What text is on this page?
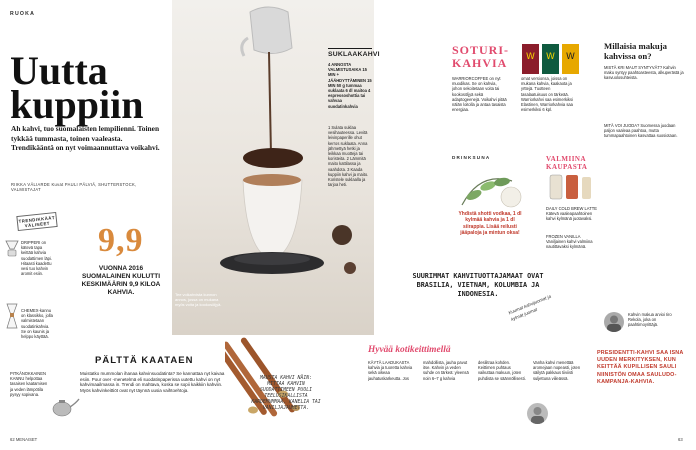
RUOKA
Uutta kuppiin
Ah kahvi, tuo suomalaisten lempilienni. Toinen tykkää tummasta, toinen vaaleasta. Trendikääntä on nyt voimaannuttava voikahvi.
RIIKKA VÄLIARDE Kuvat PAULI PÄLVIÄ, SHUTTERSTOCK, VALMISTAJAT
TRENDIKKÄÄT VÄLINEET
DRIPPERI on kätevä tapa keittää kahvia suodattimen läpi. Hitaasti kaadettu vesi tuo kahvin aromit esiin.
CHEMEX-kannu on klassikko, jolla valmistetaan suodatinkahvia. Se on kaunis ja helppo käyttää.
PITKÄNOKKAINEN KANNU helpottaa tasaisen kaatamisen ja veden lämpötila pysyy sopivana.
9,9
VUONNA 2016 SUOMALAINEN KULUTTI KESKIMÄÄRIN 9,9 KILOA KAHVIA.
PÄLTTÄ KAATAEN
Muistatko mummolan ihanaa kahvinsuodatinta? Se kannattaa nyt kaivaa esiin. Pour over -menetelmä eli suodatinpaperissa uutettu kahvi on nyt kahvimaailmassa in. Trendi on mahtava, koska se sopii kaikkiin kahviin. Myös kahvinkeittiöt ovat nyt täynnä uusia vaihtoehtoja.
62 MENAISET
Tee voikahvista kunnon annos, jossa on mukana myös voita ja kookosöljyä.
MAUSTA KAHVI NÄIN: MITTAA KAHVIN SUODATTIMEEN PUOLI TEELUSIKALLISTA KARDEMUMMAA, KANELIA TAI VANILJAJAUHETTA.
SUKLAAKAHVI
4 ANNOSTA VALMISTUSAIKA 15 MIN + JÄÄHDYTTÄMINEN 15 MIN 50 g tummaa suklaata 6 dl maitoa 4 espressoshottia tai vahvaa suodatinkahvia
1 Sulata suklaa vesihauteessa. Levitä leivinpaperille ohut kerros suklaata. Anna jähmettyä hetki ja leikkaa muotteja tai koristeita. 2 Lämmitä maito kattilassa ja vaahdota. 3 Kaada kuppiin kahvi ja maito. Koristele suklaalla ja tarjoa heti.
SOTURI-KAHVIA
WARRIORCOFFEE on nyt muodikas. Se on kahvia, johon sekoitetaan voita tai kookosöljyä sekä adaptogeenejä. Voikahvi pitää nälän loitolla ja antaa tasaista energiaa.
omat versionsa, joissa on mukana kahvia, kaakaota ja yrttejä. Tuotteen tasalaatuisuus on tärkeää. Warriorkahvi saa esimerkiksi Elastinen, Warriorkahvia saa esimerkiksi 6 kpl.
W W W
DRINKSUNA
Yhdistä shotti vodkaa, 1 dl kylmää kahvia ja 1 dl siirappia. Lisää reilusti jääpaloja ja mintun oksa!
VALMIINA KAUPASTA
DAILY COLD BREW LATTE Kätevä vaaleapaahtoinen kahvi kylmänä juotavaksi.
FROZEN VANILLA Vaniljainen kahvi valmiina nautittavaksi kylmänä.
SUURIMMAT KAHVITUOTTAJAMAAT OVAT BRASILIA, VIETNAM, KOLUMBIA JA INDONESIA.	Kuumat kahvijuomat ja kylmät juomat
Hyvää kotikeittimellä
KÄYTÄ LAADUKASTA kahvia ja tuoretta kahvia sekä oikeaa jauhatuskarkeutta. Jos mahdollista, jauha pavut itse. Kahvin ja veden suhde on tärkeä: yleensä noin 6–7 g kahvia desilitraa kohden. Keittimen puhtaus vaikuttaa makuun, joten puhdista se säännöllisesti. Vanha kahvi menettää aromejaan nopeasti, joten säilytä pakkaus tiiviisti suljettuna viileässä.
Millaisia makuja kahvissa on?
MISTÄ KRI MAUT SYNTYVÄT? Kahvin maku syntyy paahtoasteesta, alkuperästä ja kasvuolosuhteista.
MITÄ VOI JUODA? Suomessa juodaan paljon vaaleaa paahtoa, mutta tummapaahtoinen kasvattaa suosiotaan.
Kahvin makua arvioi Iiro Rekola, joka on paahtimoyrittäjä.
PRESIDENTTI-KAHVI SAA ISNA UUDEN MERKITYKSEN, KUN KEITTÄÄ KUPILLISEN SAULI NIINISTÖN OMAA SAULUDO-KAMPANJA-KAHVIA.
63
